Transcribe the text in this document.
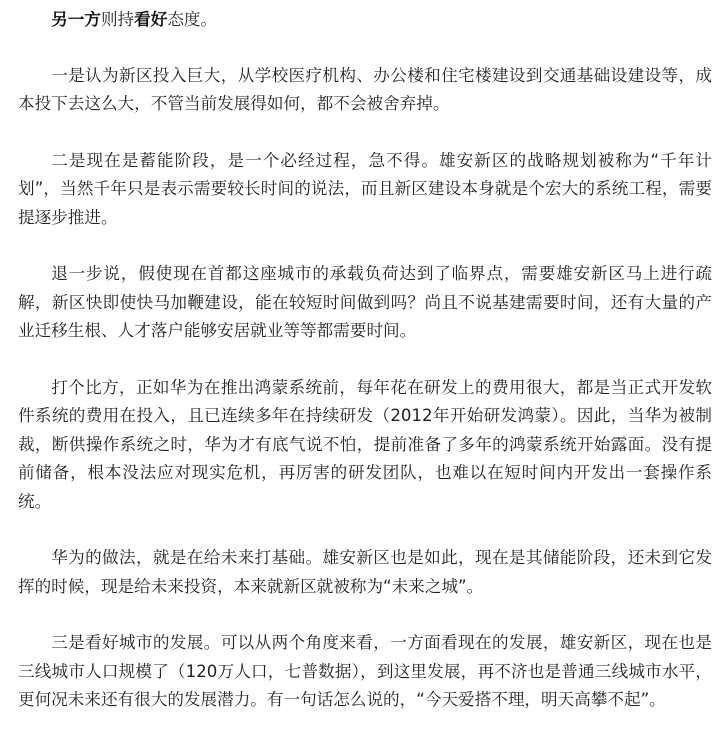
另一方则持看好态度。

一是认为新区投入巨大，从学校医疗机构、办公楼和住宅楼建设到交通基础设建设等，成本投下去这么大，不管当前发展得如何，都不会被舍弃掉。

二是现在是蓄能阶段，是一个必经过程，急不得。雄安新区的战略规划被称为“千年计划”，当然千年只是表示需要较长时间的说法，而且新区建设本身就是个宏大的系统工程，需要提逐步推进。

退一步说，假使现在首都这座城市的承载负荷达到了临界点，需要雄安新区马上进行疏解，新区快即使快马加鞭建设，能在较短时间做到吗？尚且不说基建需要时间，还有大量的产业迁移生根、人才落户能够安居就业等等都需要时间。

打个比方，正如华为在推出鸿蒙系统前，每年花在研发上的费用很大，都是当正式开发软件系统的费用在投入，且已连续多年在持续研发（2012年开始研发鸿蒙）。因此，当华为被制裁，断供操作系统之时，华为才有底气说不怕，提前准备了多年的鸿蒙系统开始露面。没有提前储备，根本没法应对现实危机，再厉害的研发团队，也难以在短时间内开发出一套操作系统。

华为的做法，就是在给未来打基础。雄安新区也是如此，现在是其储能阶段，还未到它发挥的时候，现是给未来投资，本来就新区就被称为“未来之城”。

三是看好城市的发展。可以从两个角度来看，一方面看现在的发展，雄安新区，现在也是三线城市人口规模了（120万人口，七普数据），到这里发展，再不济也是普通三线城市水平，更何况未来还有很大的发展潜力。有一句话怎么说的，“今天爱搭不理，明天高攀不起”。
